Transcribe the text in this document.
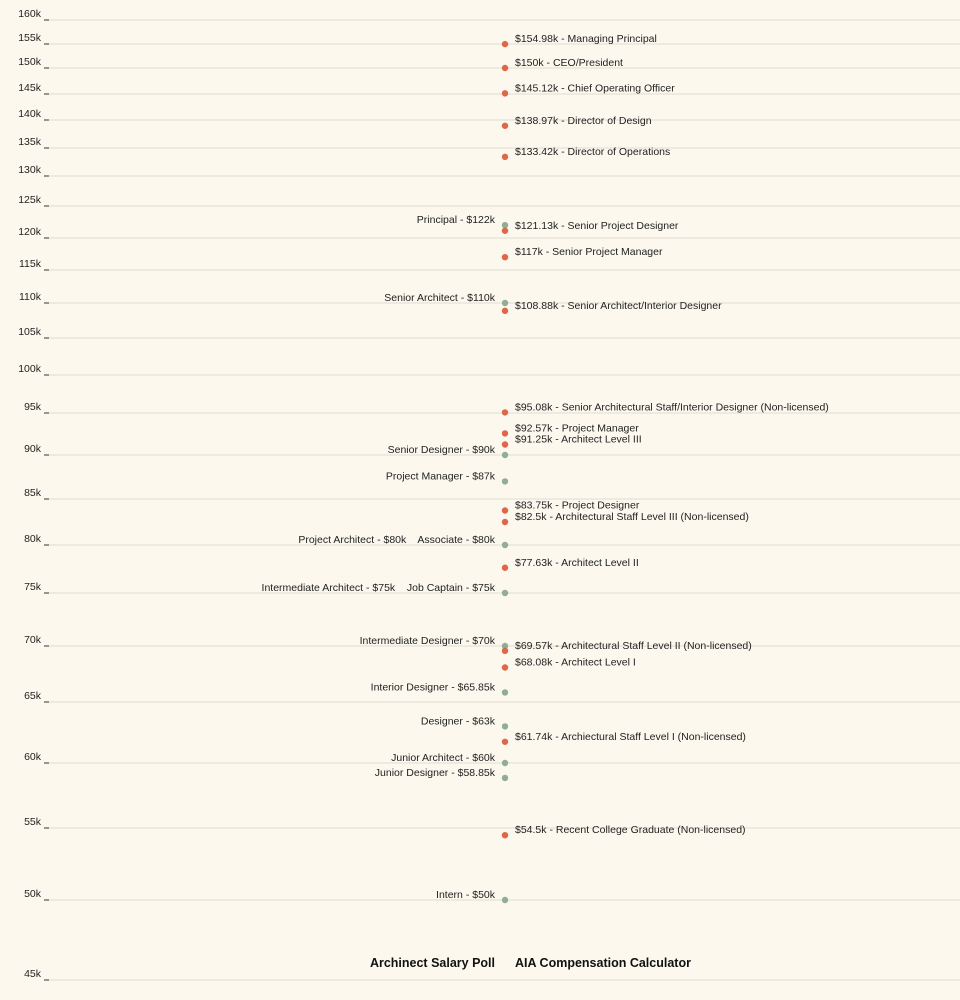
45k
50k
55k
60k
65k
70k
75k
80k
85k
90k
95k
100k
105k
110k
115k
120k
125k
130k
135k
140k
145k
150k
155k
160k
Principal - $122k
Senior Architect - $110k
Senior Designer - $90k
Project Manager - $87k
Project Architect - $80k    Associate - $80k
Intermediate Architect - $75k    Job Captain - $75k
Intermediate Designer - $70k
Interior Designer - $65.85k
Designer - $63k
Junior Architect - $60k
Junior Designer - $58.85k
Intern - $50k
$154.98k - Managing Principal
$150k - CEO/President
$145.12k - Chief Operating Officer
$138.97k - Director of Design
$133.42k - Director of Operations
$121.13k - Senior Project Designer
$117k - Senior Project Manager
$108.88k - Senior Architect/Interior Designer
$95.08k - Senior Architectural Staff/Interior Designer (Non-licensed)
$92.57k - Project Manager
$91.25k - Architect Level III
$83.75k - Project Designer
$82.5k - Architectural Staff Level III (Non-licensed)
$77.63k - Architect Level II
$69.57k - Architectural Staff Level II (Non-licensed)
$68.08k - Architect Level I
$61.74k - Archiectural Staff Level I (Non-licensed)
$54.5k - Recent College Graduate (Non-licensed)
Archinect Salary Poll AIA Compensation Calculator
